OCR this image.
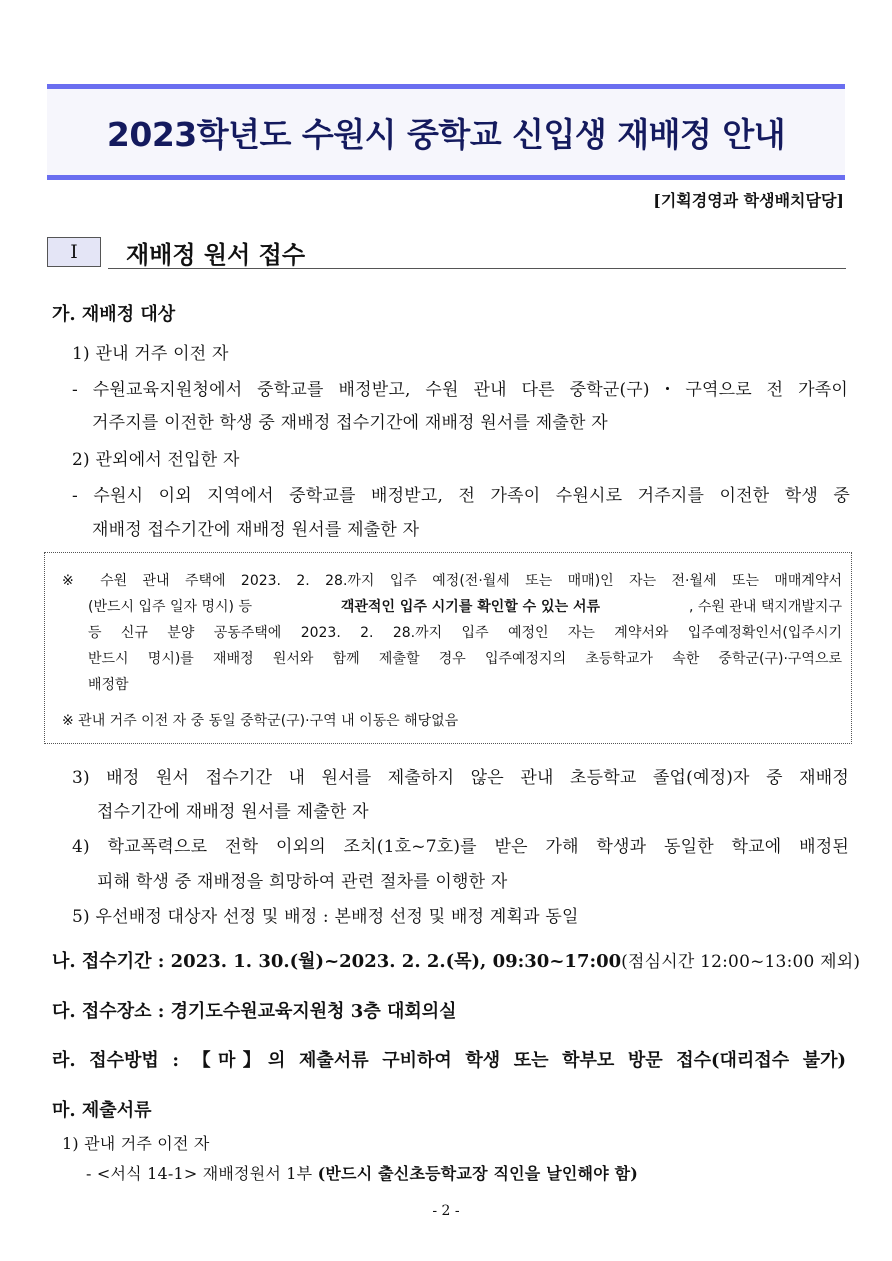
2023학년도 수원시 중학교 신입생 재배정 안내
[기획경영과 학생배치담당]
Ⅰ	재배정 원서 접수
가. 재배정 대상
1) 관내 거주 이전 자
- 수원교육지원청에서 중학교를 배정받고, 수원 관내 다른 중학군(구)・구역으로 전 가족이
거주지를 이전한 학생 중 재배정 접수기간에 재배정 원서를 제출한 자
2) 관외에서 전입한 자
- 수원시 이외 지역에서 중학교를 배정받고, 전 가족이 수원시로 거주지를 이전한 학생 중
재배정 접수기간에 재배정 원서를 제출한 자
※ 수원 관내 주택에 2023. 2. 28.까지 입주 예정(전·월세 또는 매매)인 자는 전·월세 또는 매매계약서
(반드시 입주 일자 명시) 등	객관적인 입주 시기를 확인할 수 있는 서류	, 수원 관내 택지개발지구
등 신규 분양 공동주택에 2023. 2. 28.까지 입주 예정인 자는 계약서와 입주예정확인서(입주시기
반드시 명시)를 재배정 원서와 함께 제출할 경우 입주예정지의 초등학교가 속한 중학군(구)·구역으로
배정함
※ 관내 거주 이전 자 중 동일 중학군(구)·구역 내 이동은 해당없음
3) 배정 원서 접수기간 내 원서를 제출하지 않은 관내 초등학교 졸업(예정)자 중 재배정
접수기간에 재배정 원서를 제출한 자
4) 학교폭력으로 전학 이외의 조치(1호~7호)를 받은 가해 학생과 동일한 학교에 배정된
피해 학생 중 재배정을 희망하여 관련 절차를 이행한 자
5) 우선배정 대상자 선정 및 배정 : 본배정 선정 및 배정 계획과 동일
나. 접수기간 : 2023. 1. 30.(월)~2023. 2. 2.(목), 09:30~17:00(점심시간 12:00~13:00 제외)
다. 접수장소 : 경기도수원교육지원청 3층 대회의실
라. 접수방법 : 【마】의 제출서류 구비하여 학생 또는 학부모 방문 접수(대리접수 불가)
마. 제출서류
1) 관내 거주 이전 자
- <서식 14-1> 재배정원서 1부 (반드시 출신초등학교장 직인을 날인해야 함)
- 2 -
